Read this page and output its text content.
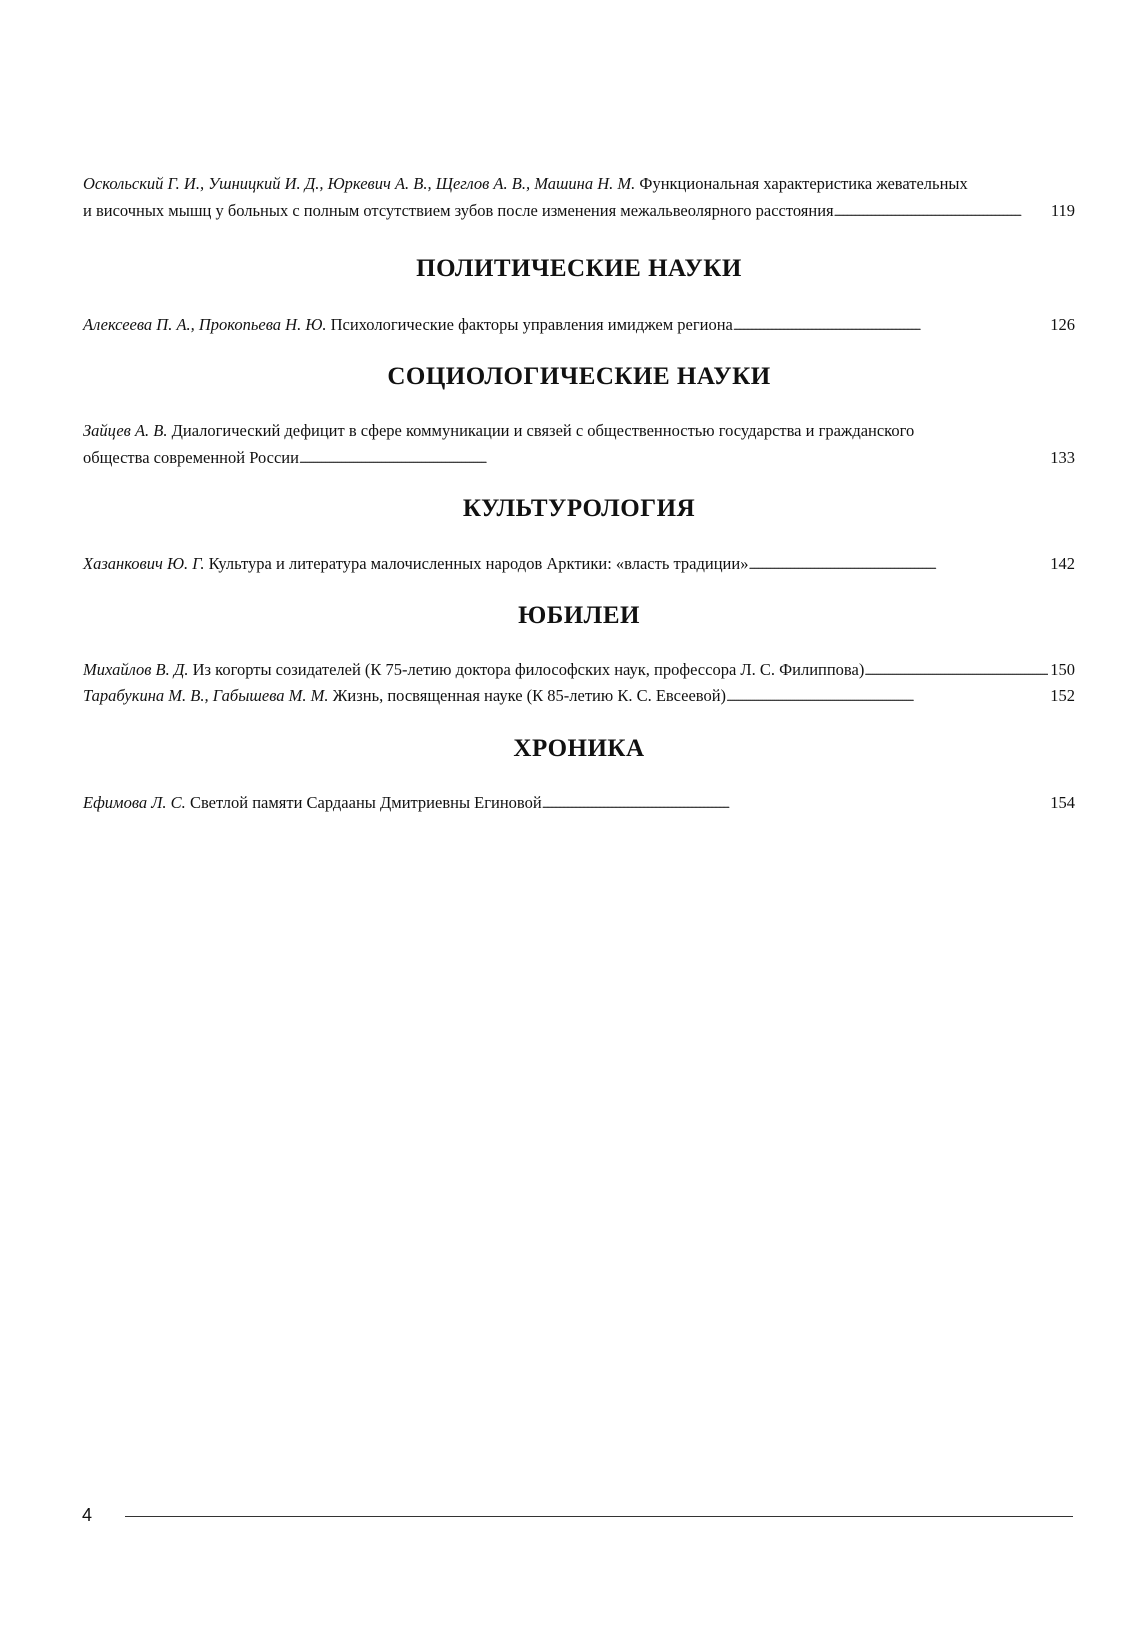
Оскольский Г. И., Ушницкий И. Д., Юркевич А. В., Щеглов А. В., Машина Н. М. Функциональная характеристика жевательных
и височных мышц у больных с полным отсутствием зубов после изменения межальвеолярного расстояния . . .	119
ПОЛИТИЧЕСКИЕ НАУКИ
Алексеева П. А., Прокопьева Н. Ю. Психологические факторы управления имиджем региона . . .	126
СОЦИОЛОГИЧЕСКИЕ НАУКИ
Зайцев А. В. Диалогический дефицит в сфере коммуникации и связей с общественностью государства и гражданского
общества современной России . . .	133
КУЛЬТУРОЛОГИЯ
Хазанкович Ю. Г. Культура и литература малочисленных народов Арктики: «власть традиции» . . .	142
ЮБИЛЕИ
Михайлов В. Д. Из когорты созидателей (К 75-летию доктора философских наук, профессора Л. С. Филиппова) . . .	150
Тарабукина М. В., Габышева М. М. Жизнь, посвященная науке (К 85-летию К. С. Евсеевой) . . .	152
ХРОНИКА
Ефимова Л. С. Светлой памяти Сардааны Дмитриевны Егиновой . . .	154
4
